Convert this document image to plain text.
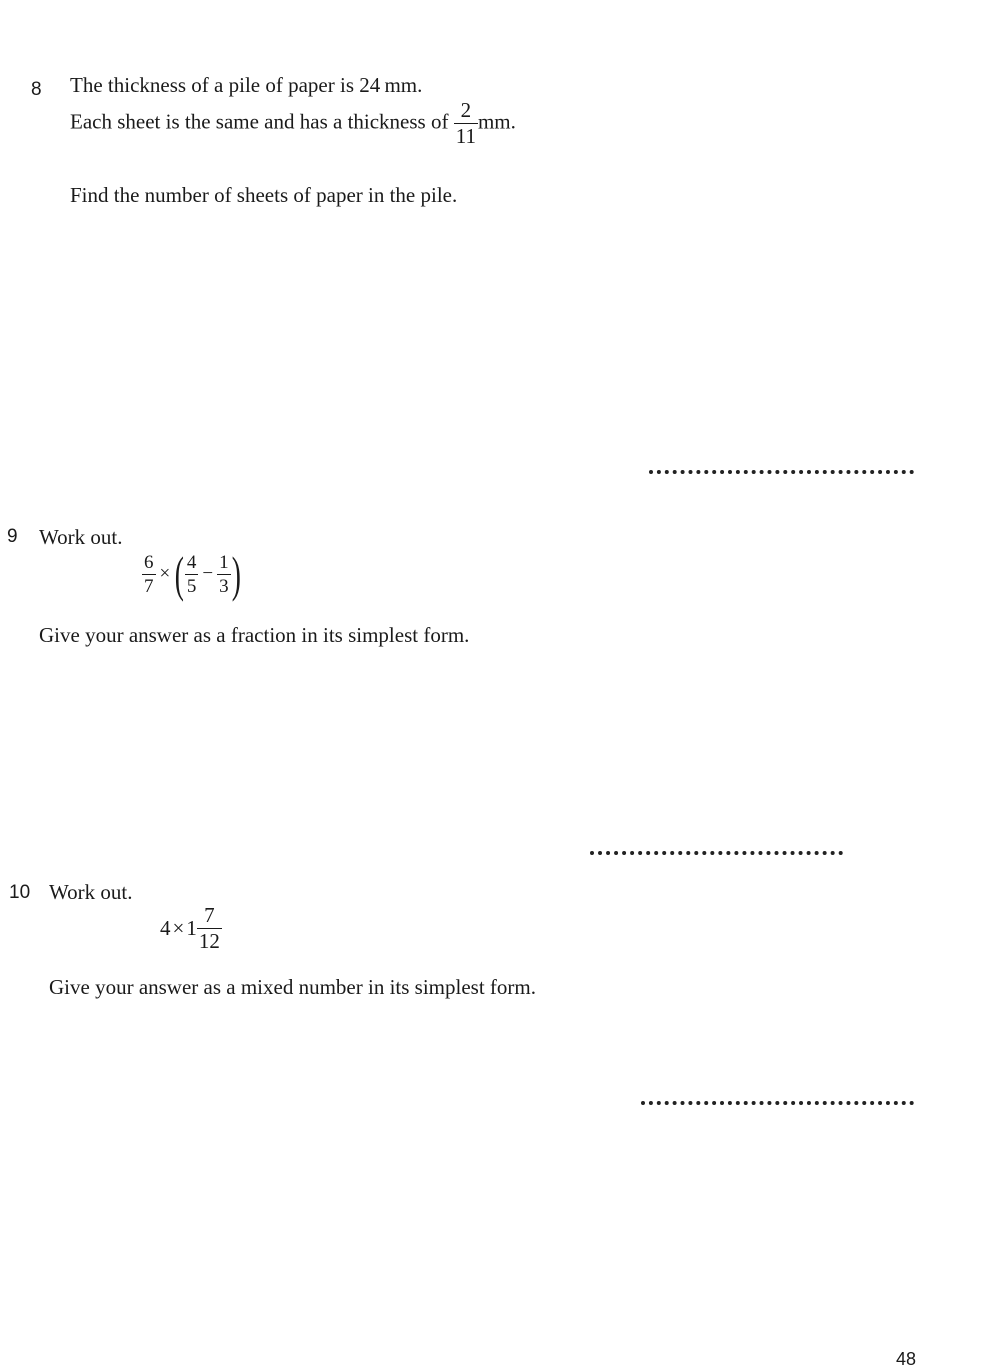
8 The thickness of a pile of paper is 24 mm.
Each sheet is the same and has a thickness of $\frac{2}{11}$ mm.
Find the number of sheets of paper in the pile.
9 Work out.
$\frac{6}{7}$ ×( $\frac{4}{5} - \frac{1}{3}$ )
Give your answer as a fraction in its simplest form.
10 Work out.
$4\times 1 \frac{7}{12}$
Give your answer as a mixed number in its simplest form.
48
